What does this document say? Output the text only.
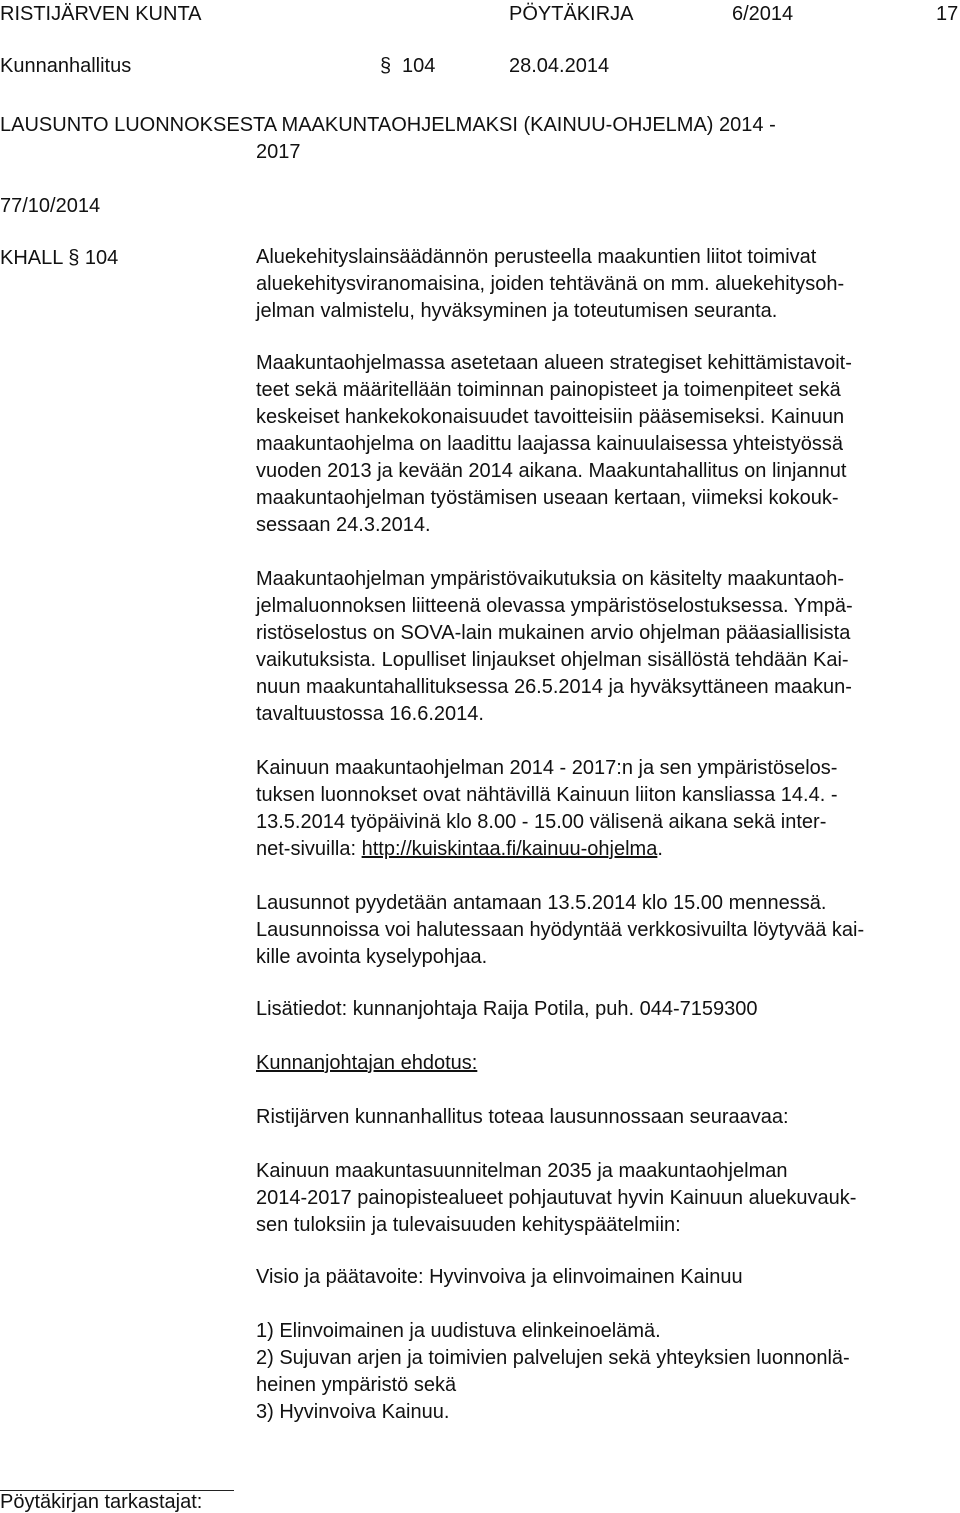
RISTIJÄRVEN KUNTA	PÖYTÄKIRJA	6/2014	17
Kunnanhallitus	§ 104	28.04.2014
LAUSUNTO LUONNOKSESTA MAAKUNTAOHJELMAKSI (KAINUU-OHJELMA) 2014 -
2017
77/10/2014
KHALL § 104	Aluekehityslainsäädännön perusteella maakuntien liitot toimivat
aluekehitysviranomaisina, joiden tehtävänä on mm. aluekehitysoh-
jelman valmistelu, hyväksyminen ja toteutumisen seuranta.
Maakuntaohjelmassa asetetaan alueen strategiset kehittämistavoit-
teet sekä määritellään toiminnan painopisteet ja toimenpiteet sekä
keskeiset hankekokonaisuudet tavoitteisiin pääsemiseksi. Kainuun
maakuntaohjelma on laadittu laajassa kainuulaisessa yhteistyössä
vuoden 2013 ja kevään 2014 aikana. Maakuntahallitus on linjannut
maakuntaohjelman työstämisen useaan kertaan, viimeksi kokouk-
sessaan 24.3.2014.
Maakuntaohjelman ympäristövaikutuksia on käsitelty maakuntaoh-
jelmaluonnoksen liitteenä olevassa ympäristöselostuksessa. Ympä-
ristöselostus on SOVA-lain mukainen arvio ohjelman pääasiallisista
vaikutuksista. Lopulliset linjaukset ohjelman sisällöstä tehdään Kai-
nuun maakuntahallituksessa 26.5.2014 ja hyväksyttäneen maakun-
tavaltuustossa 16.6.2014.
Kainuun maakuntaohjelman 2014 - 2017:n ja sen ympäristöselos-
tuksen luonnokset ovat nähtävillä Kainuun liiton kansliassa 14.4. -
13.5.2014 työpäivinä klo 8.00 - 15.00 välisenä aikana sekä inter-
net-sivuilla: http://kuiskintaa.fi/kainuu-ohjelma.
Lausunnot pyydetään antamaan 13.5.2014 klo 15.00 mennessä.
Lausunnoissa voi halutessaan hyödyntää verkkosivuilta löytyvää kai-
kille avointa kyselypohjaa.
Lisätiedot: kunnanjohtaja Raija Potila, puh. 044-7159300
Kunnanjohtajan ehdotus:
Ristijärven kunnanhallitus toteaa lausunnossaan seuraavaa:
Kainuun maakuntasuunnitelman 2035 ja maakuntaohjelman
2014-2017 painopistealueet pohjautuvat hyvin Kainuun aluekuvauk-
sen tuloksiin ja tulevaisuuden kehityspäätelmiin:
Visio ja päätavoite: Hyvinvoiva ja elinvoimainen Kainuu
1) Elinvoimainen ja uudistuva elinkeinoelämä.
2) Sujuvan arjen ja toimivien palvelujen sekä yhteyksien luonnonlä-
heinen ympäristö sekä
3) Hyvinvoiva Kainuu.
Pöytäkirjan tarkastajat:
